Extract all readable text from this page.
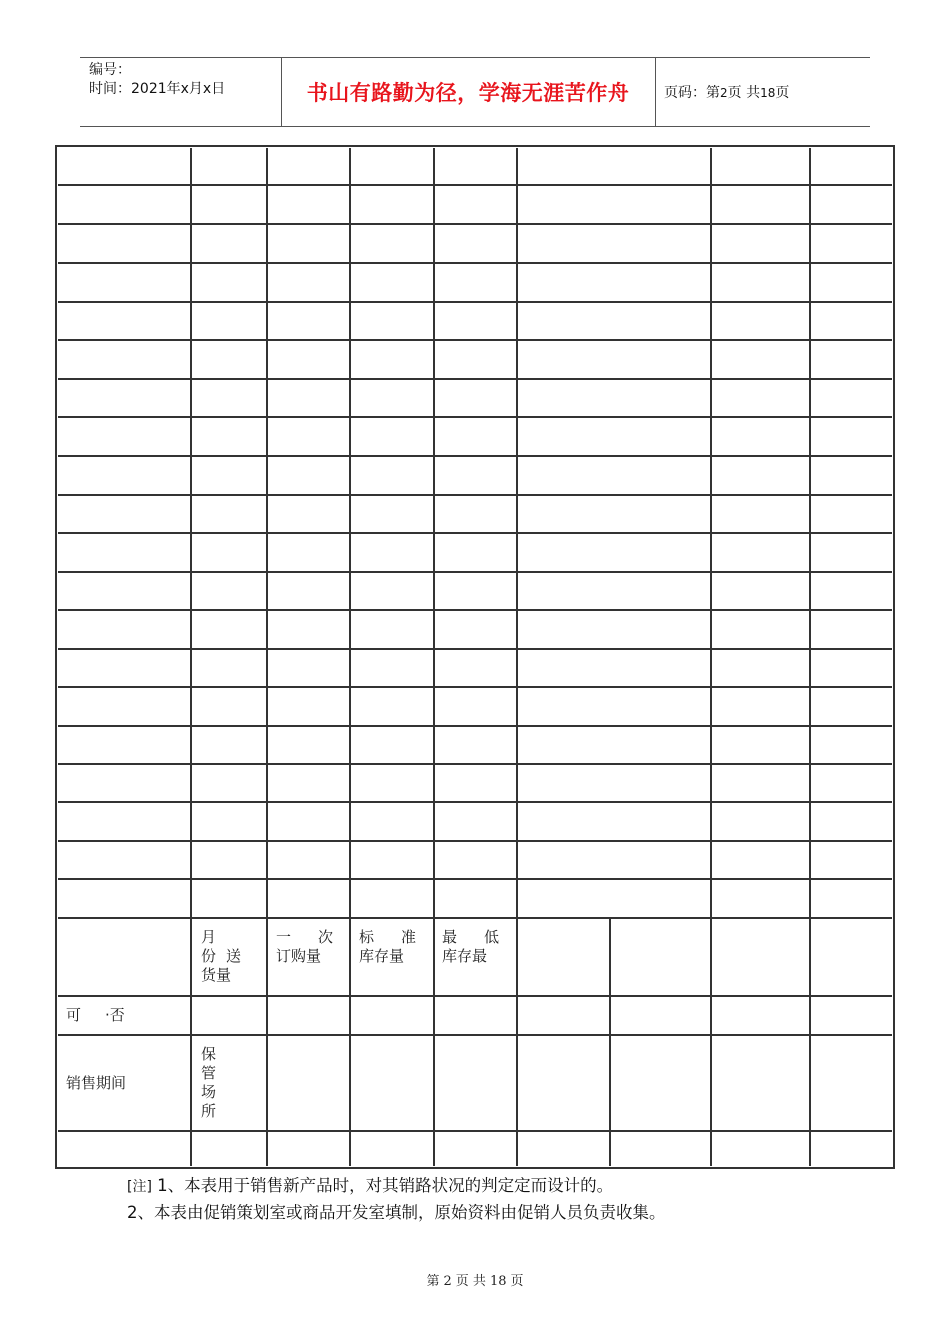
编号：
时间：2021年x月x日	书山有路勤为径，学海无涯苦作舟	页码：第2页 共18页
月
份 送
货量
一 次
订购量
标 准
库存量
最 低
库存最
可 ·否
销售期间
保
管
场
所
[注] 1、本表用于销售新产品时，对其销路状况的判定定而设计的。
2、本表由促销策划室或商品开发室填制，原始资料由促销人员负责收集。
第 2 页 共 18 页
